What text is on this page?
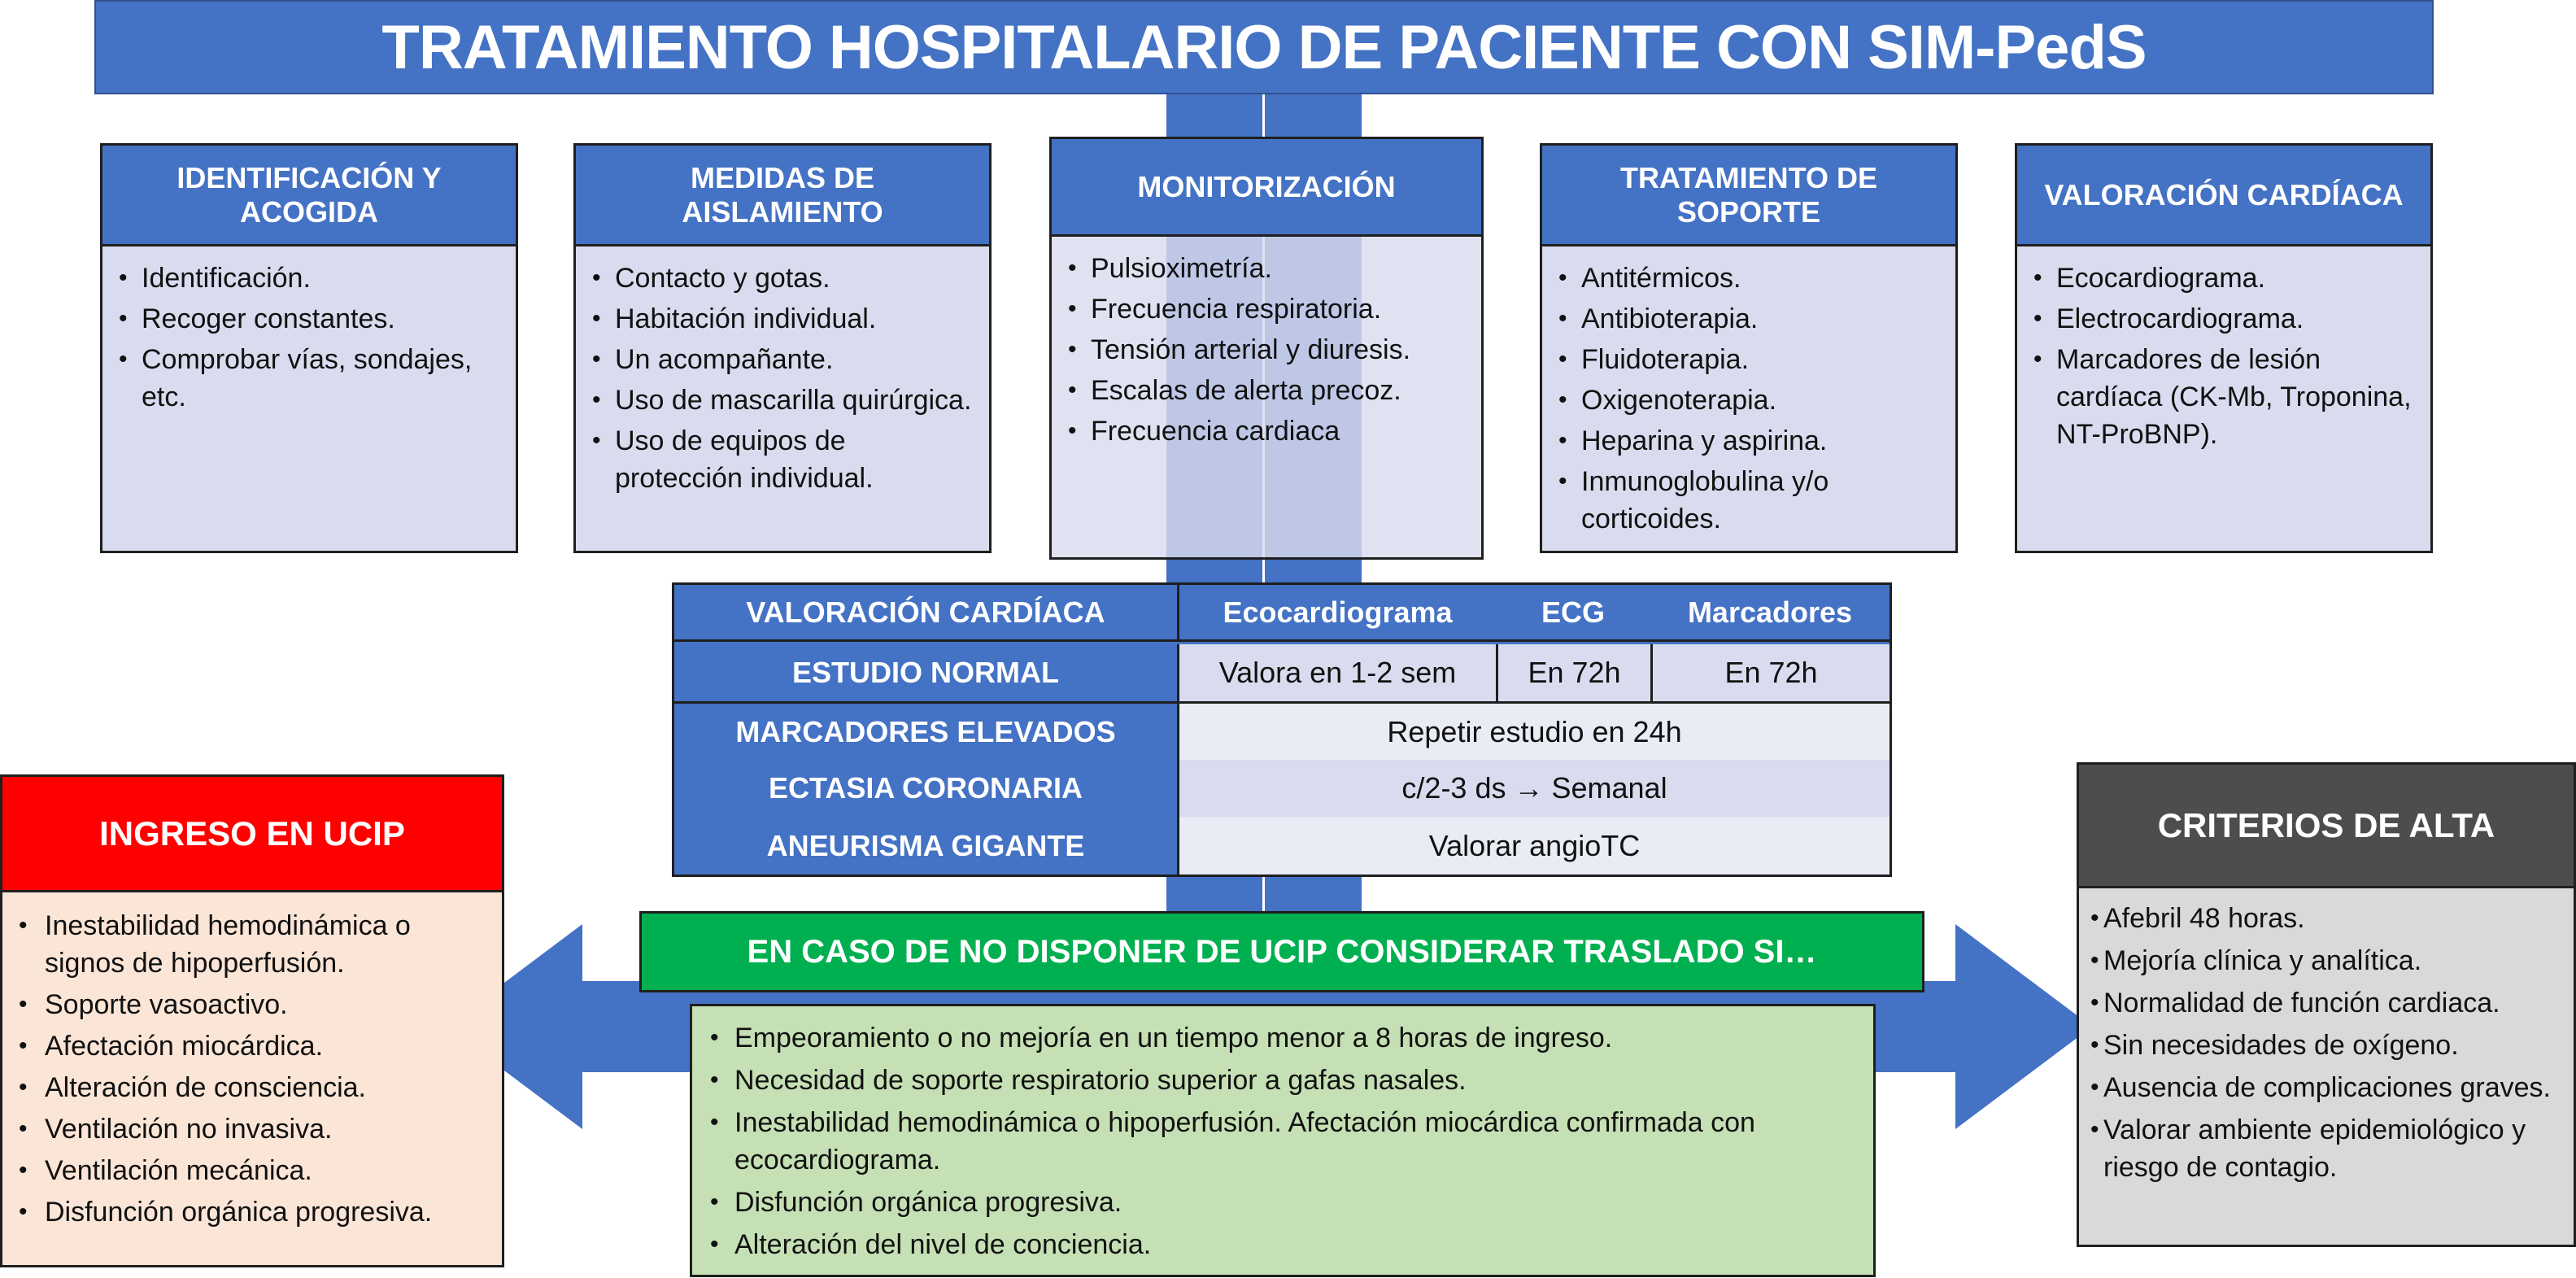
TRATAMIENTO HOSPITALARIO DE PACIENTE CON SIM-PedS
IDENTIFICACIÓN Y ACOGIDA
• Identificación.
• Recoger constantes.
• Comprobar vías, sondajes, etc.
MEDIDAS DE AISLAMIENTO
• Contacto y gotas.
• Habitación individual.
• Un acompañante.
• Uso de mascarilla quirúrgica.
• Uso de equipos de protección individual.
MONITORIZACIÓN
• Pulsioximetría.
• Frecuencia respiratoria.
• Tensión arterial y diuresis.
• Escalas de alerta precoz.
• Frecuencia cardiaca
TRATAMIENTO DE SOPORTE
• Antitérmicos.
• Antibioterapia.
• Fluidoterapia.
• Oxigenoterapia.
• Heparina y aspirina.
• Inmunoglobulina y/o corticoides.
VALORACIÓN CARDÍACA
• Ecocardiograma.
• Electrocardiograma.
• Marcadores de lesión cardíaca (CK-Mb, Troponina, NT-ProBNP).
VALORACIÓN CARDÍACA	Ecocardiograma	ECG	Marcadores
ESTUDIO NORMAL	Valora en 1-2 sem	En 72h	En 72h
MARCADORES ELEVADOS	Repetir estudio en 24h
ECTASIA CORONARIA	c/2-3 ds → Semanal
ANEURISMA GIGANTE	Valorar angioTC
INGRESO EN UCIP
• Inestabilidad hemodinámica o signos de hipoperfusión.
• Soporte vasoactivo.
• Afectación miocárdica.
• Alteración de consciencia.
• Ventilación no invasiva.
• Ventilación mecánica.
• Disfunción orgánica progresiva.
CRITERIOS DE ALTA
• Afebril 48 horas.
• Mejoría clínica y analítica.
• Normalidad de función cardiaca.
• Sin necesidades de oxígeno.
• Ausencia de complicaciones graves.
• Valorar ambiente epidemiológico y riesgo de contagio.
EN CASO DE NO DISPONER DE UCIP CONSIDERAR TRASLADO SI…
• Empeoramiento o no mejoría en un tiempo menor a 8 horas de ingreso.
• Necesidad de soporte respiratorio superior a gafas nasales.
• Inestabilidad hemodinámica o hipoperfusión. Afectación miocárdica confirmada con ecocardiograma.
• Disfunción orgánica progresiva.
• Alteración del nivel de conciencia.
